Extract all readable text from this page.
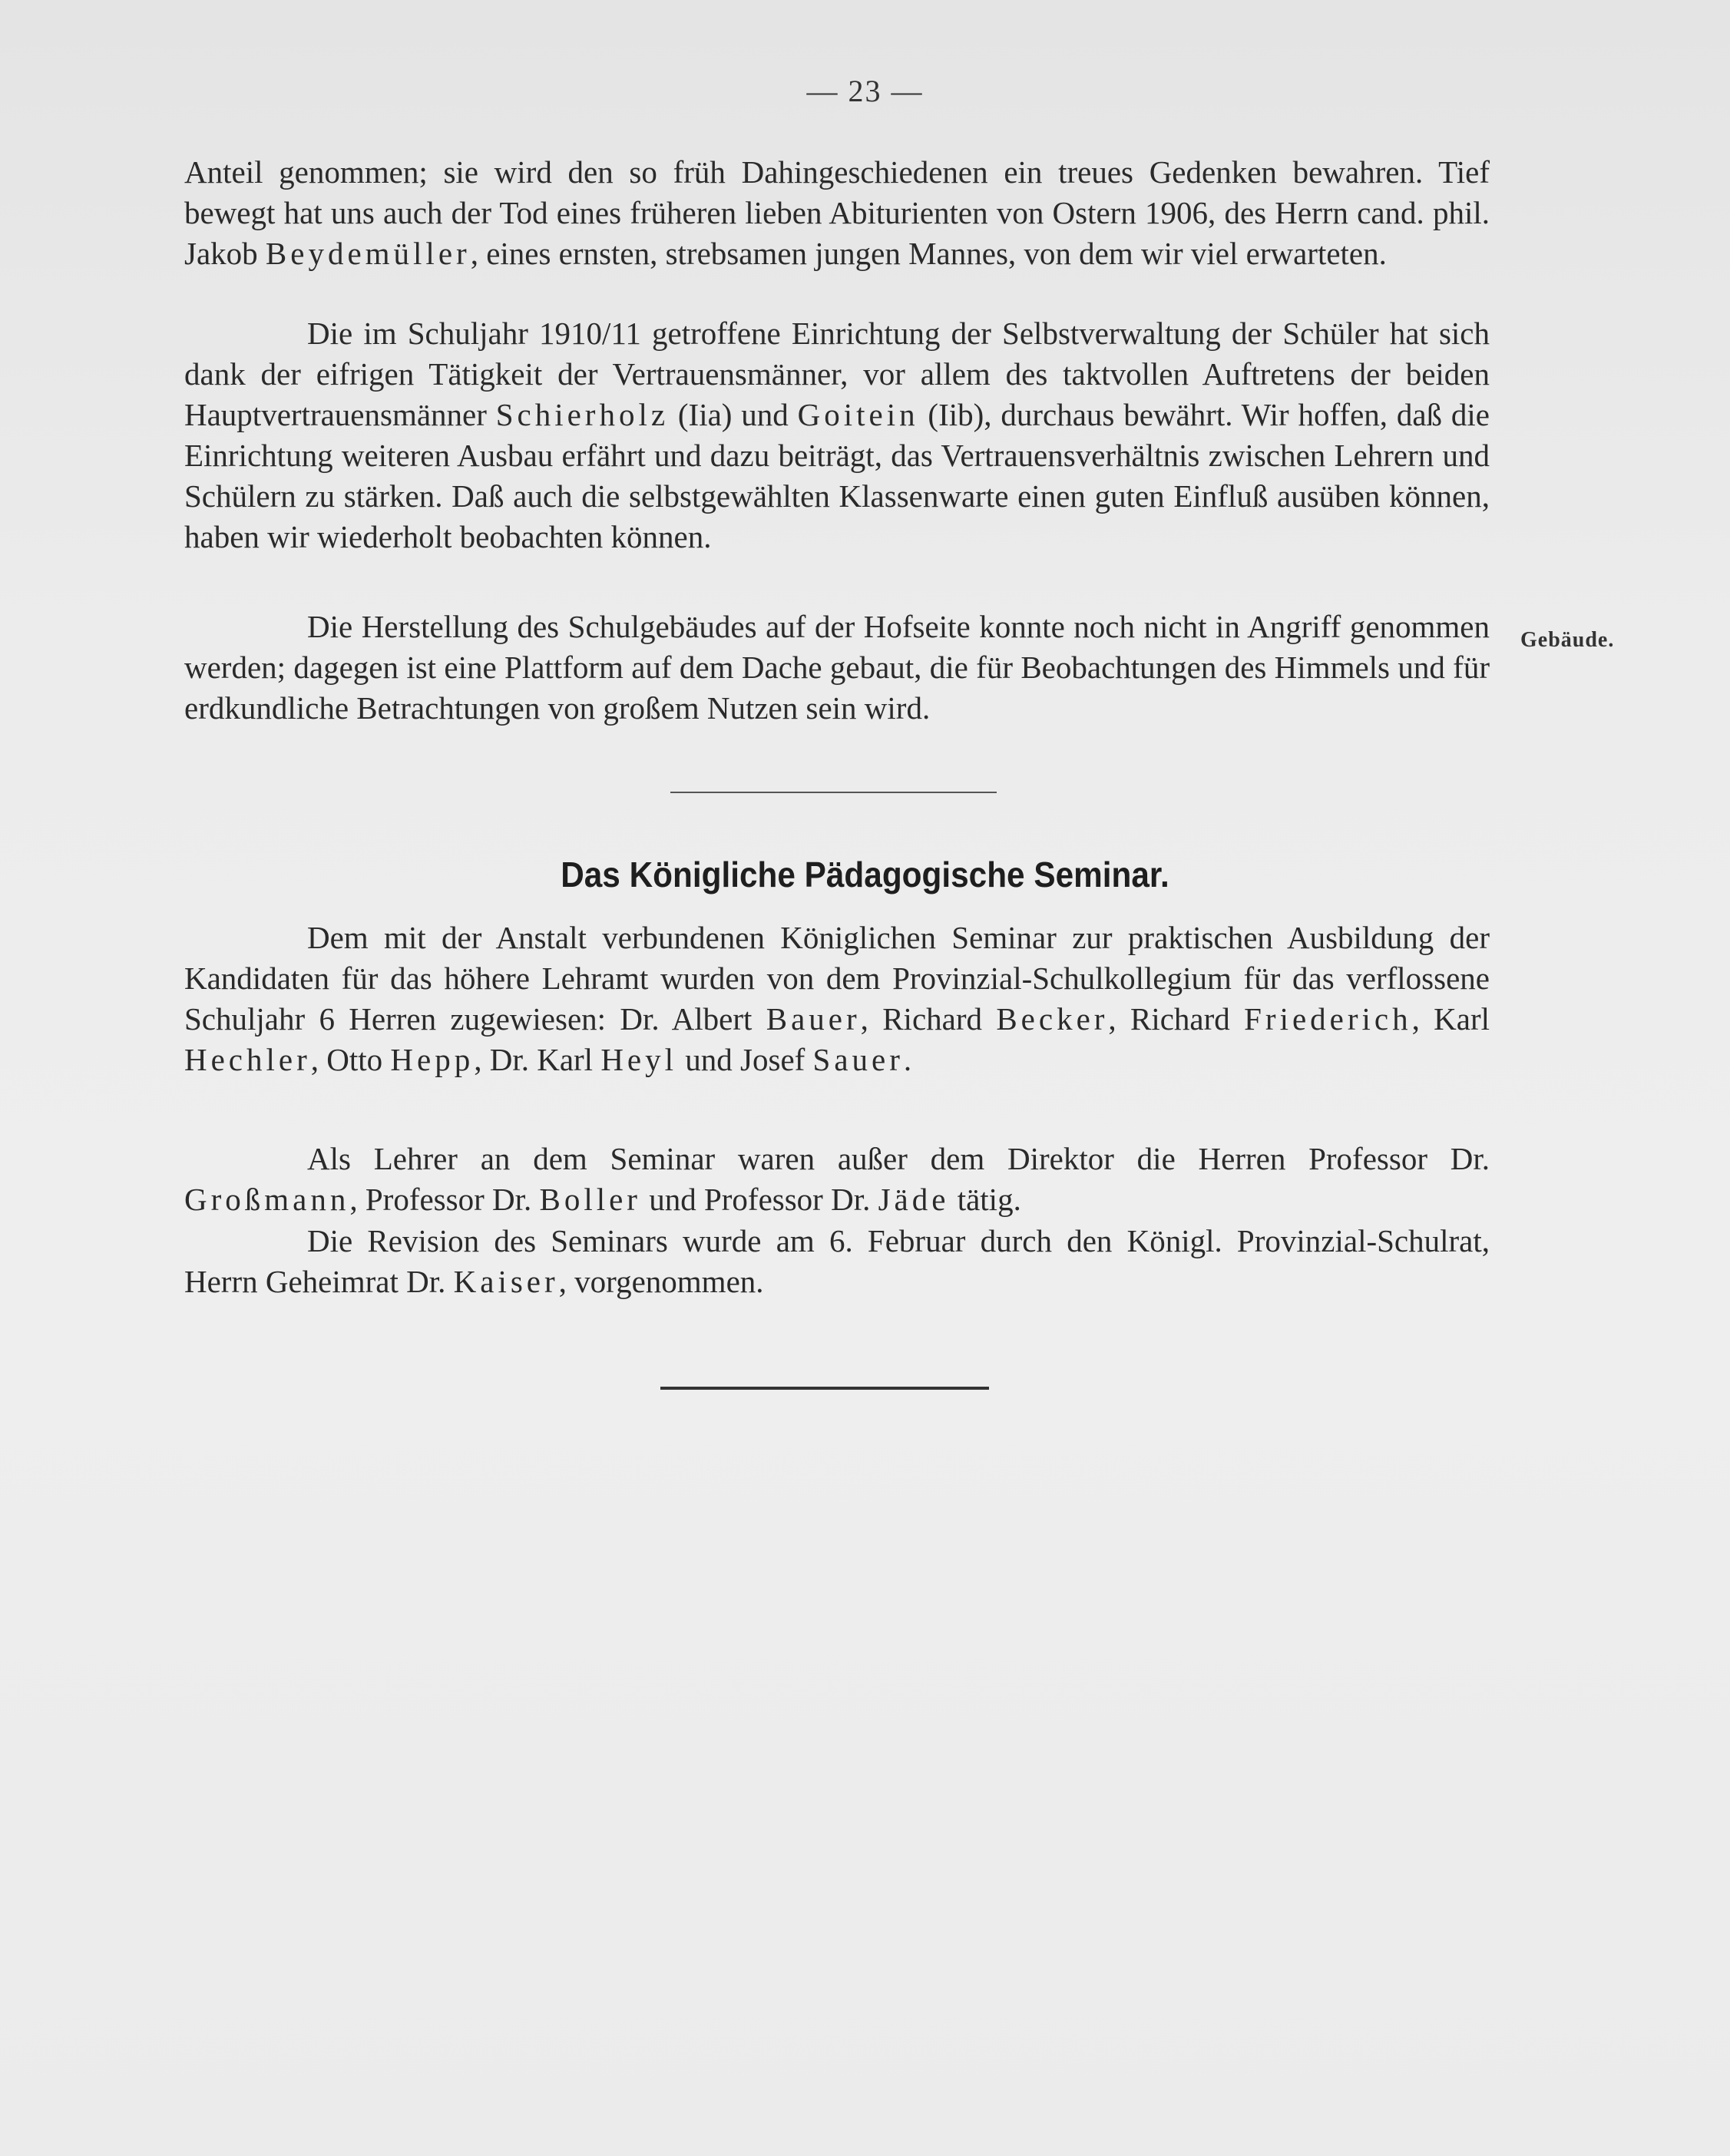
— 23 —

Anteil genommen; sie wird den so früh Dahingeschiedenen ein treues Gedenken bewahren. Tief bewegt hat uns auch der Tod eines früheren lieben Abiturienten von Ostern 1906, des Herrn cand. phil. Jakob Beydemüller, eines ernsten, strebsamen jungen Mannes, von dem wir viel erwarteten.

Die im Schuljahr 1910/11 getroffene Einrichtung der Selbstverwaltung der Schüler hat sich dank der eifrigen Tätigkeit der Vertrauensmänner, vor allem des taktvollen Auftretens der beiden Hauptvertrauensmänner Schierholz (Iia) und Goitein (Iib), durchaus bewährt. Wir hoffen, daß die Einrichtung weiteren Ausbau erfährt und dazu beiträgt, das Vertrauensverhältnis zwischen Lehrern und Schülern zu stärken. Daß auch die selbstgewählten Klassenwarte einen guten Einfluß ausüben können, haben wir wiederholt beobachten können.

Die Herstellung des Schulgebäudes auf der Hofseite konnte noch nicht in Angriff genommen werden; dagegen ist eine Plattform auf dem Dache gebaut, die für Beobachtungen des Himmels und für erdkundliche Betrachtungen von großem Nutzen sein wird.

Gebäude.
Das Königliche Pädagogische Seminar.

Dem mit der Anstalt verbundenen Königlichen Seminar zur praktischen Ausbildung der Kandidaten für das höhere Lehramt wurden von dem Provinzial-Schulkollegium für das verflossene Schuljahr 6 Herren zugewiesen: Dr. Albert Bauer, Richard Becker, Richard Friederich, Karl Hechler, Otto Hepp, Dr. Karl Heyl und Josef Sauer.

Als Lehrer an dem Seminar waren außer dem Direktor die Herren Professor Dr. Großmann, Professor Dr. Boller und Professor Dr. Jäde tätig.

Die Revision des Seminars wurde am 6. Februar durch den Königl. Provinzial-Schulrat, Herrn Geheimrat Dr. Kaiser, vorgenommen.
